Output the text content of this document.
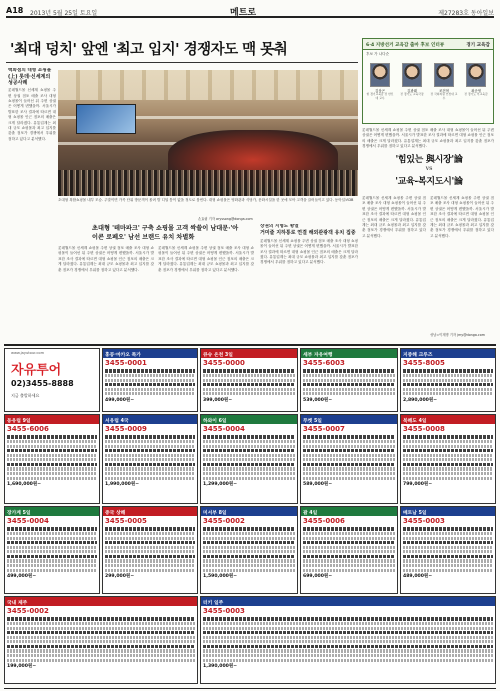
A18 2013년 5월 25일 토요일	메트로	제27283호 동아일보
'최대 덩치' 앞엔 '최고 입지' 경쟁자도 맥 못춰
백화점의 대형 쇼핑몰
(上) 롯데·신세계의 성공사례
롯데월드몰 신세계 쇼핑몰 주변 상권 점포 매출 조사 대형 쇼핑몰이 들어선 뒤 주변 상권은 어떻게 변했을까. 서울시가 발표한 조사 결과에 따르면 대형 쇼핑몰 인근 점포의 매출은 크게 달라졌다. 유통업계는 최대 규모 쇼핑몰과 최고 입지를 갖춘 점포가 경쟁에서 우위를 점하고 있다고 분석했다.
초대형 복합쇼핑몰 내부 모습. 주말이면 가족 단위 방문객이 몰려 발 디딜 틈이 없을 정도로 붐빈다. 대형 쇼핑몰은 영화관과 식당가, 문화시설을 한 곳에 모아 고객을 끌어들이고 있다. 동아일보DB
초대형 '테마파크' 구축 쇼핑몰 고객 싹쓸이 남대문·'아이콘 로페오' 남선 브랜드 유치 차별화
롯데월드몰 신세계 쇼핑몰 주변 상권 점포 매출 조사 대형 쇼핑몰이 들어선 뒤 주변 상권은 어떻게 변했을까. 서울시가 발표한 조사 결과에 따르면 대형 쇼핑몰 인근 점포의 매출은 크게 달라졌다. 유통업계는 최대 규모 쇼핑몰과 최고 입지를 갖춘 점포가 경쟁에서 우위를 점하고 있다고 분석했다.
롯데월드몰 신세계 쇼핑몰 주변 상권 점포 매출 조사 대형 쇼핑몰이 들어선 뒤 주변 상권은 어떻게 변했을까. 서울시가 발표한 조사 결과에 따르면 대형 쇼핑몰 인근 점포의 매출은 크게 달라졌다. 유통업계는 최대 규모 쇼핑몰과 최고 입지를 갖춘 점포가 경쟁에서 우위를 점하고 있다고 분석했다.
손효림 기자 aryssong@donga.com
상권의 지형도 황열
거미줄 지하통로 연결 해외관광객 유치 집중
롯데월드몰 신세계 쇼핑몰 주변 상권 점포 매출 조사 대형 쇼핑몰이 들어선 뒤 주변 상권은 어떻게 변했을까. 서울시가 발표한 조사 결과에 따르면 대형 쇼핑몰 인근 점포의 매출은 크게 달라졌다. 유통업계는 최대 규모 쇼핑몰과 최고 입지를 갖춘 점포가 경쟁에서 우위를 점하고 있다고 분석했다.
6·4 지방선거 교육감 출마 후보 인터뷰	경기 교육감
후보 가 나다순
김상곤
현 경기교육감 전 한신대 교수
김광래
전 경기도 교육국장
조전혁
전 국회의원 인천대 교수
최준영
전 경기도 부교육감
롯데월드몰 신세계 쇼핑몰 주변 상권 점포 매출 조사 대형 쇼핑몰이 들어선 뒤 주변 상권은 어떻게 변했을까. 서울시가 발표한 조사 결과에 따르면 대형 쇼핑몰 인근 점포의 매출은 크게 달라졌다. 유통업계는 최대 규모 쇼핑몰과 최고 입지를 갖춘 점포가 경쟁에서 우위를 점하고 있다고 분석했다.
'힘있는 與시장'論
VS
'교육-복지도시'論
롯데월드몰 신세계 쇼핑몰 주변 상권 점포 매출 조사 대형 쇼핑몰이 들어선 뒤 주변 상권은 어떻게 변했을까. 서울시가 발표한 조사 결과에 따르면 대형 쇼핑몰 인근 점포의 매출은 크게 달라졌다. 유통업계는 최대 규모 쇼핑몰과 최고 입지를 갖춘 점포가 경쟁에서 우위를 점하고 있다고 분석했다.
롯데월드몰 신세계 쇼핑몰 주변 상권 점포 매출 조사 대형 쇼핑몰이 들어선 뒤 주변 상권은 어떻게 변했을까. 서울시가 발표한 조사 결과에 따르면 대형 쇼핑몰 인근 점포의 매출은 크게 달라졌다. 유통업계는 최대 규모 쇼핑몰과 최고 입지를 갖춘 점포가 경쟁에서 우위를 점하고 있다고 분석했다.
성남=이재명 기자 jmy@donga.com
www.jayutour.com
자유투어
02)3455-8888
지금 출발하세요
홍콩·마카오 특가
3455-0001
499,000원~
큐슈 온천 3일
3455-0000
399,000원~
세부 자유여행
3455-6003
539,000원~
지중해 크루즈
3455-8005
2,890,000원~
동유럽 9일
3455-6006
1,690,000원~
서유럽 4국
3455-0009
1,990,000원~
하와이 6일
3455-0004
1,299,000원~
푸켓 5일
3455-0007
589,000원~
북해도 4일
3455-0008
799,000원~
장가계 5일
3455-0004
499,000원~
중국 상해
3455-0005
299,000원~
미서부 8일
3455-0002
1,590,000원~
괌 4일
3455-0006
699,000원~
베트남 5일
3455-0003
489,000원~
국내 제주
3455-0002
199,000원~
터키 일주
3455-0003
1,390,000원~
